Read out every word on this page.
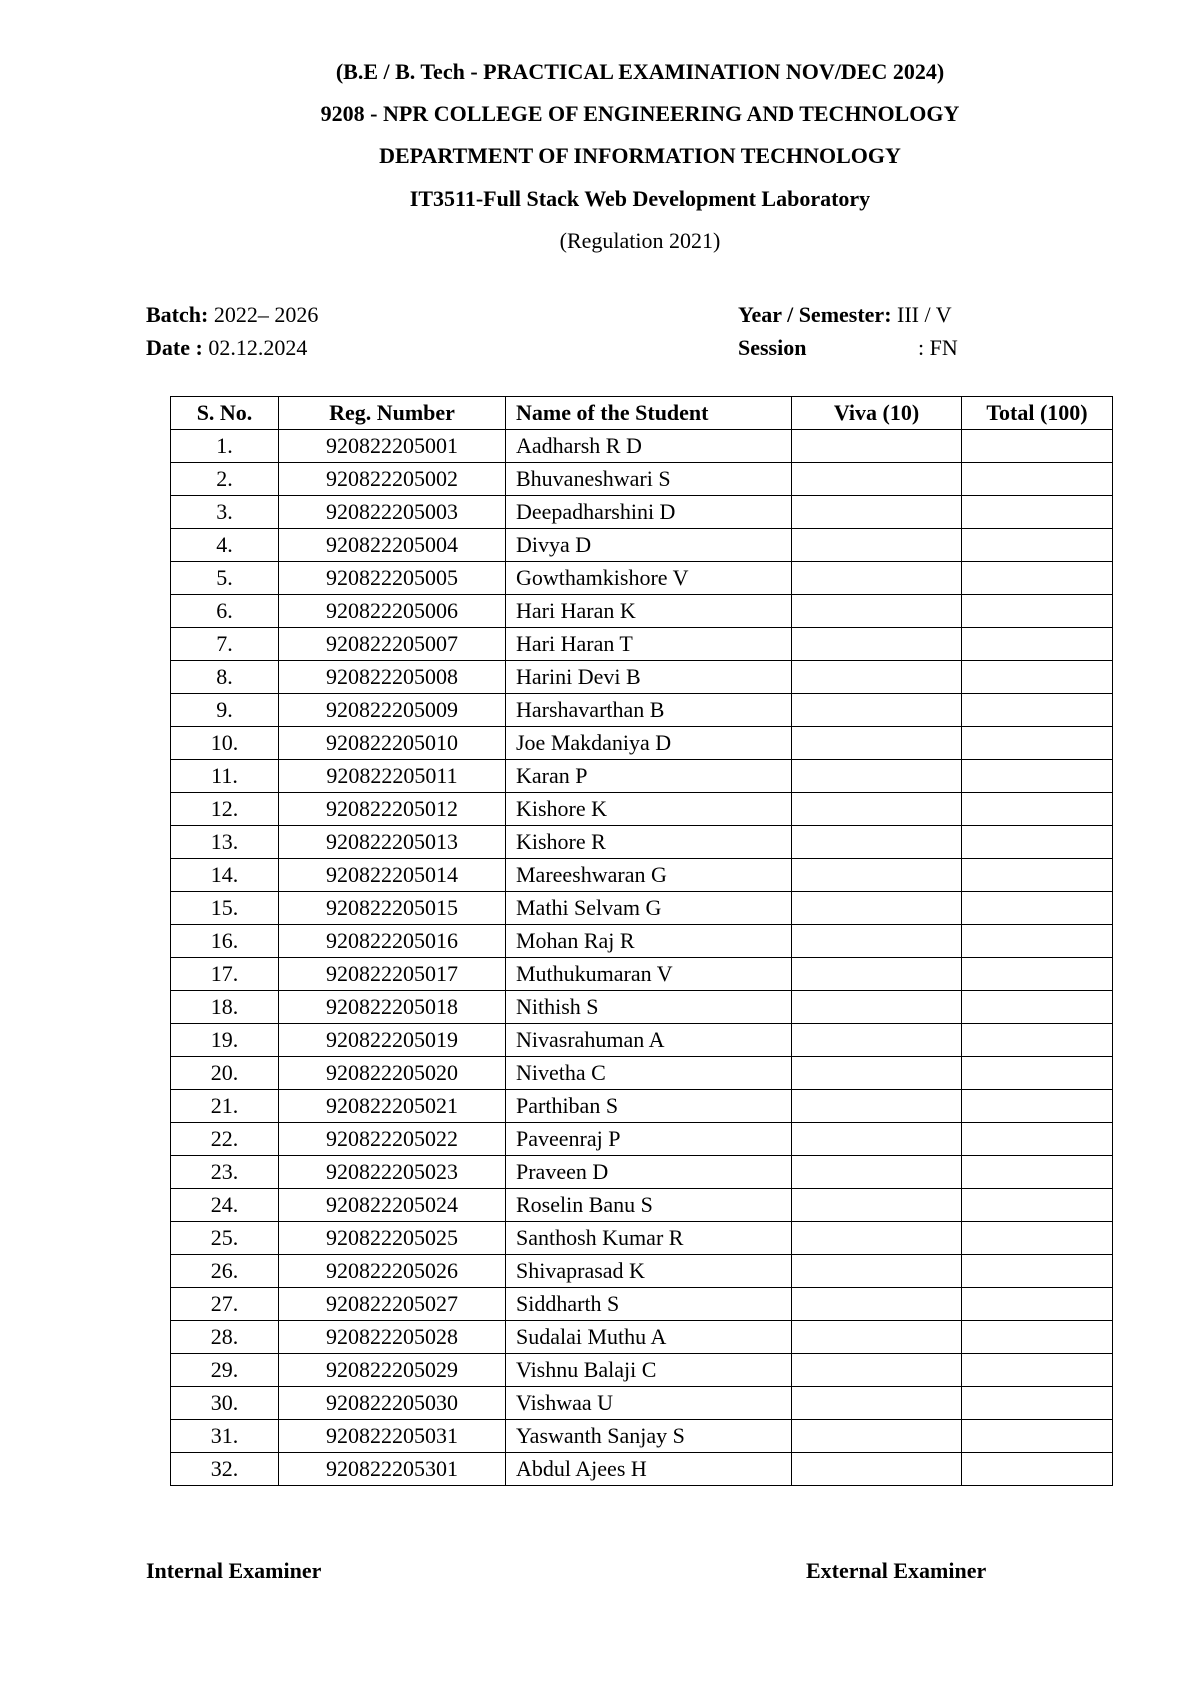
(B.E / B. Tech - PRACTICAL EXAMINATION NOV/DEC 2024)
9208 - NPR COLLEGE OF ENGINEERING AND TECHNOLOGY
DEPARTMENT OF INFORMATION TECHNOLOGY
IT3511-Full Stack Web Development Laboratory
(Regulation 2021)
Batch: 2022– 2026
Date : 02.12.2024
Year / Semester: III / V
Session	: FN
S. No.	Reg. Number	Name of the Student	Viva (10)	Total (100)
1.	920822205001	Aadharsh R D		
2.	920822205002	Bhuvaneshwari S		
3.	920822205003	Deepadharshini D		
4.	920822205004	Divya D		
5.	920822205005	Gowthamkishore V		
6.	920822205006	Hari Haran K		
7.	920822205007	Hari Haran T		
8.	920822205008	Harini Devi B		
9.	920822205009	Harshavarthan B		
10.	920822205010	Joe Makdaniya D		
11.	920822205011	Karan P		
12.	920822205012	Kishore K		
13.	920822205013	Kishore R		
14.	920822205014	Mareeshwaran G		
15.	920822205015	Mathi Selvam G		
16.	920822205016	Mohan Raj R		
17.	920822205017	Muthukumaran V		
18.	920822205018	Nithish S		
19.	920822205019	Nivasrahuman A		
20.	920822205020	Nivetha C		
21.	920822205021	Parthiban S		
22.	920822205022	Paveenraj P		
23.	920822205023	Praveen D		
24.	920822205024	Roselin Banu S		
25.	920822205025	Santhosh Kumar R		
26.	920822205026	Shivaprasad K		
27.	920822205027	Siddharth S		
28.	920822205028	Sudalai Muthu A		
29.	920822205029	Vishnu Balaji C		
30.	920822205030	Vishwaa U		
31.	920822205031	Yaswanth Sanjay S		
32.	920822205301	Abdul Ajees H		
Internal Examiner	External Examiner
